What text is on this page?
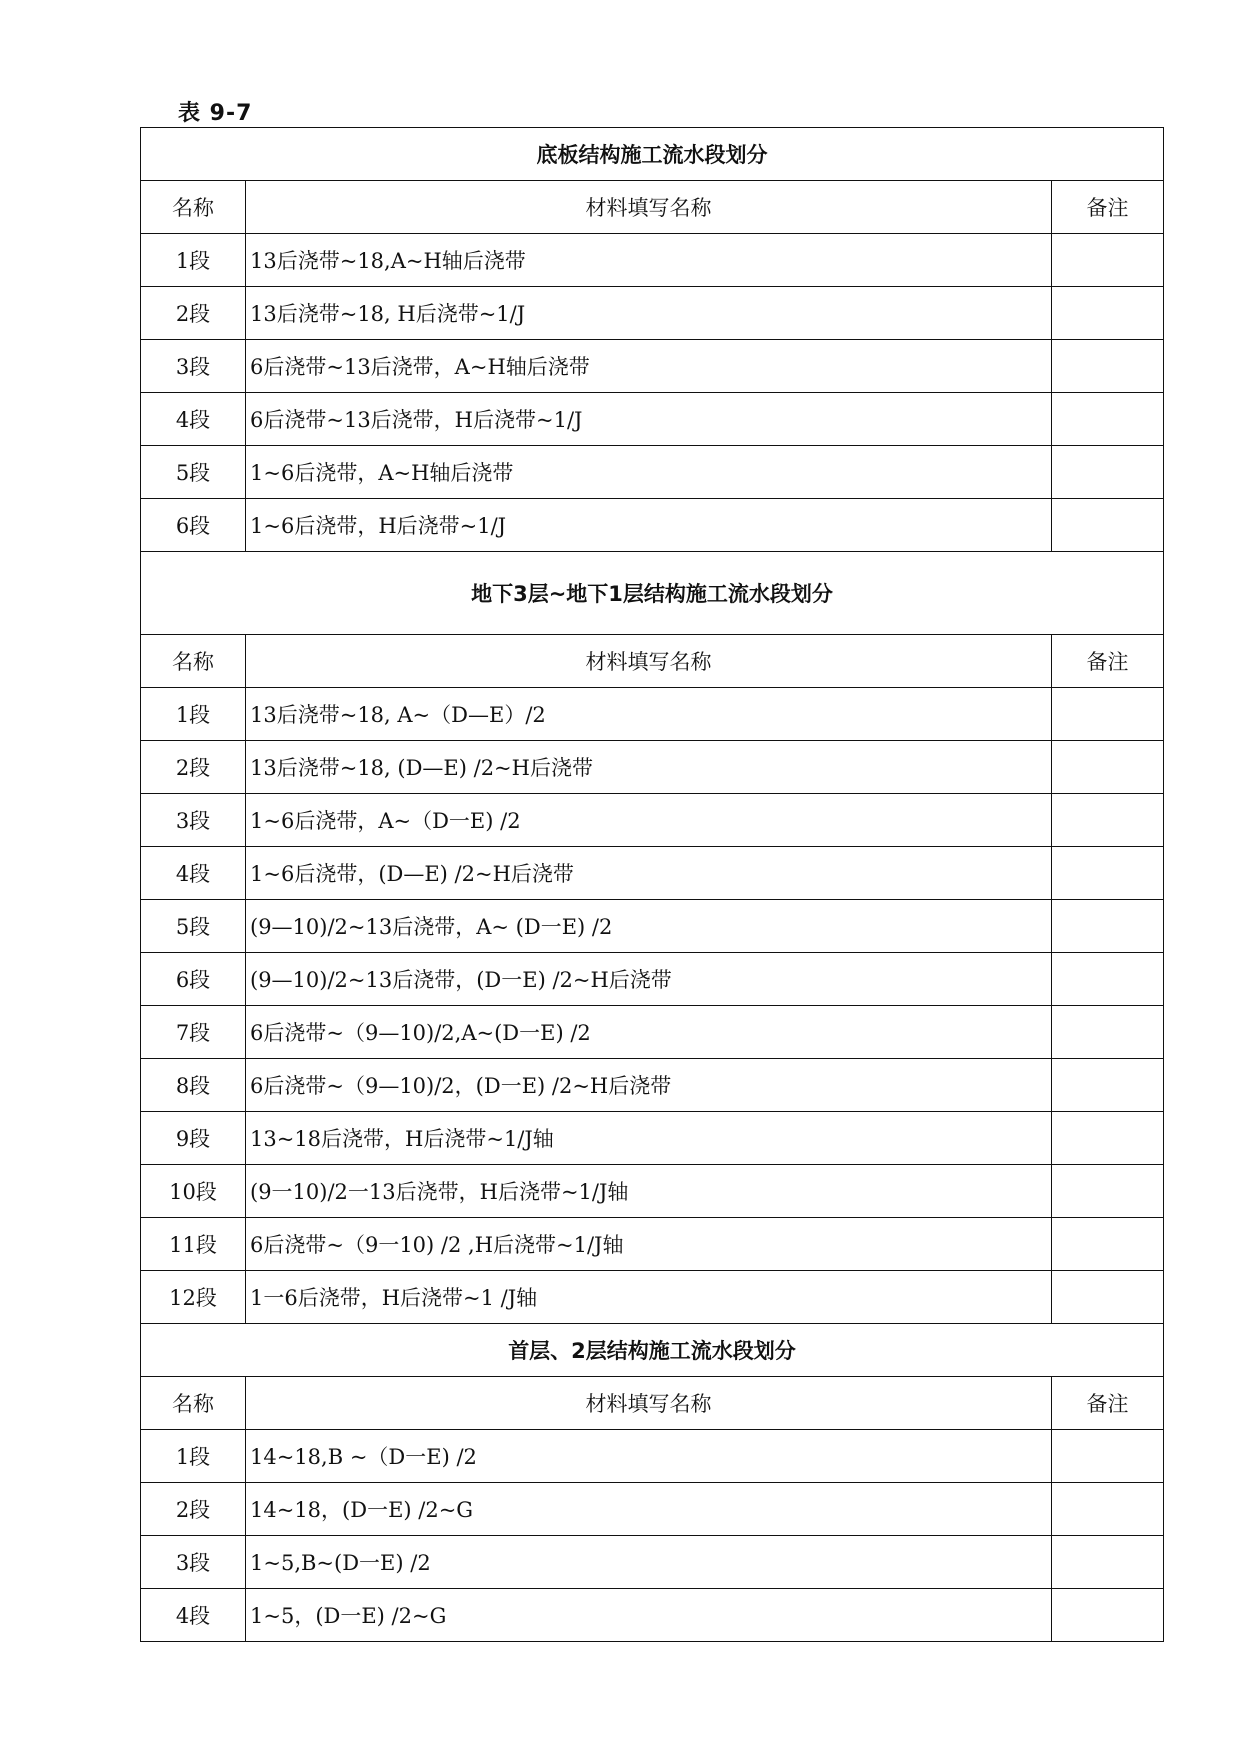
表 9-7
底板结构施工流水段划分		
名称	材料填写名称	备注
1段	13后浇带~18,A~H轴后浇带	
2段	13后浇带~18, H后浇带~1/J	
3段	6后浇带~13后浇带，A~H轴后浇带	
4段	6后浇带~13后浇带，H后浇带~1/J	
5段	1~6后浇带，A~H轴后浇带	
6段	1~6后浇带，H后浇带~1/J	
地下3层~地下1层结构施工流水段划分		
名称	材料填写名称	备注
1段	13后浇带~18, A~（D—E）/2	
2段	13后浇带~18, (D—E) /2~H后浇带	
3段	1~6后浇带，A~（D一E) /2	
4段	1~6后浇带，(D—E) /2~H后浇带	
5段	(9—10)/2~13后浇带，A~ (D一E) /2	
6段	(9—10)/2~13后浇带，(D一E) /2~H后浇带	
7段	6后浇带~（9—10)/2,A~(D一E) /2	
8段	6后浇带~（9—10)/2，(D一E) /2~H后浇带	
9段	13~18后浇带，H后浇带~1/J轴	
10段	(9一10)/2一13后浇带，H后浇带~1/J轴	
11段	6后浇带~（9一10) /2 ,H后浇带~1/J轴	
12段	1一6后浇带，H后浇带~1 /J轴	
首层、2层结构施工流水段划分		
名称	材料填写名称	备注
1段	14~18,B ~（D一E) /2	
2段	14~18，(D一E) /2~G	
3段	1~5,B~(D一E) /2	
4段	1~5，(D一E) /2~G	
